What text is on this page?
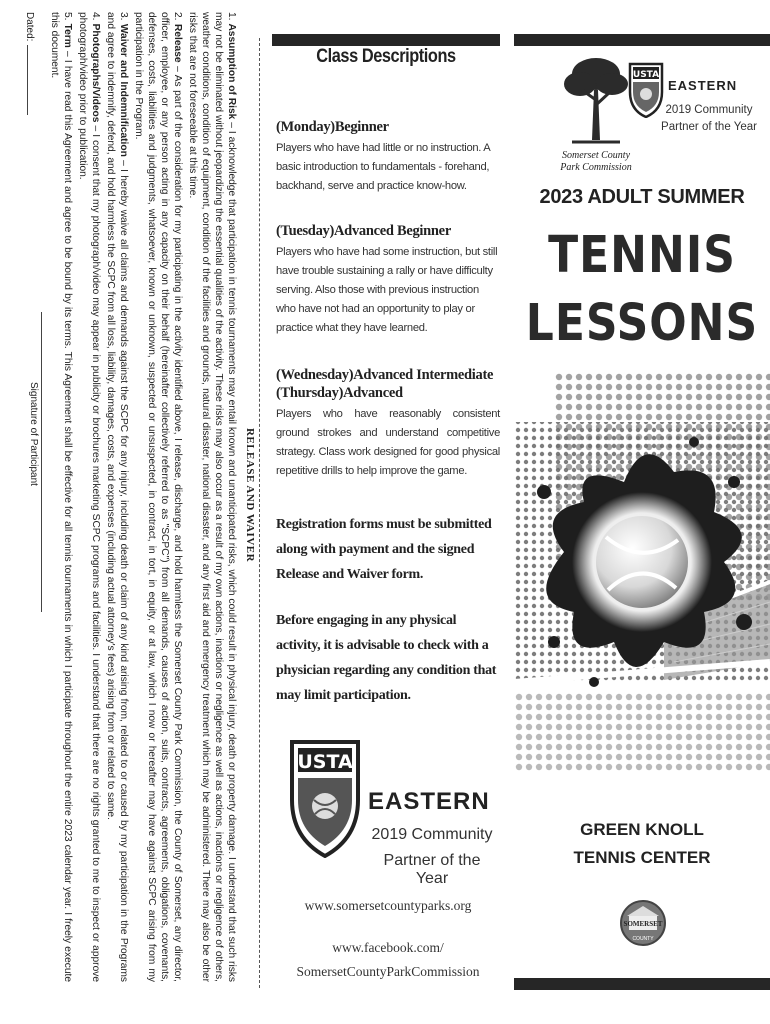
RELEASE AND WAIVER
1. Assumption of Risk – I acknowledge that participation in tennis tournaments may entail known and unanticipated risks, which could result in physical injury, death or property damage. I understand that such risks may not be eliminated without jeopardizing the essential qualities of the activity. These risks may also occur as a result of my own actions, inactions or negligence as well as actions, inactions or negligence of others, weather conditions, condition of equipment, condition of the facilities and grounds, natural disaster, national disaster, and any first aid and emergency treatment which may be administered. There may also be other risks that are not foreseeable at this time.
2. Release – As part of the consideration for my participating in the activity identified above, I release, discharge, and hold harmless the Somerset County Park Commission, the County of Somerset, any director, officer, employee, or any person acting in any capacity on their behalf (hereinafter collectively referred to as "SCPC") from all demands, causes of action, suits, contracts, agreements, obligations, covenants, defenses, costs, liabilities and judgments, whatsoever, known or unknown, suspected or unsuspected, in contract, in tort, in equity, or at law, which I now or hereafter may have against SCPC arising from my participation in the Program.
3. Waiver and Indemnification – I hereby waive all claims and demands against the SCPC for any injury, including death or claim of any kind arising from, related to or caused by my participation in the Programs and agree to indemnify, defend, and hold harmless the SCPC from all loss, liability, damages, costs, and expenses (including actual attorney's fees) arising from or related to same.
4. Photographs/Videos – I consent that my photograph/video may appear in publicity or brochures marketing SCPC programs and facilities. I understand that there are no rights granted to me to inspect or approve photograph/video prior to publication.
5. Term – I have read this Agreement and agree to be bound by its terms. This Agreement shall be effective for all tennis tournaments in which I participate throughout the entire 2023 calendar year. I freely execute this document.
Dated:
Signature of Participant
Class Descriptions
(Monday)Beginner
Players who have had little or no instruction. A basic introduction to fundamentals - forehand, backhand, serve and practice know-how.
(Tuesday)Advanced Beginner
Players who have had some instruction, but still have trouble sustaining a rally or have difficulty serving. Also those with previous instruction who have not had an opportunity to play or practice what they have learned.
(Wednesday)Advanced Intermediate
(Thursday)Advanced
Players who have reasonably consistent ground strokes and understand competitive strategy. Class work designed for good physical repetitive drills to help improve the game.
Registration forms must be submitted along with payment and the signed Release and Waiver form.
Before engaging in any physical activity, it is advisable to check with a physician regarding any condition that may limit participation.
USTA
EASTERN
2019 Community
Partner of the Year
www.somersetcountyparks.org
www.facebook.com/
SomersetCountyParkCommission
Somerset County
Park Commission
USTA
EASTERN
2019 Community
Partner of the Year
2023 ADULT SUMMER
TENNIS
LESSONS
GREEN KNOLL
TENNIS CENTER
SOMERSET
COUNTY
